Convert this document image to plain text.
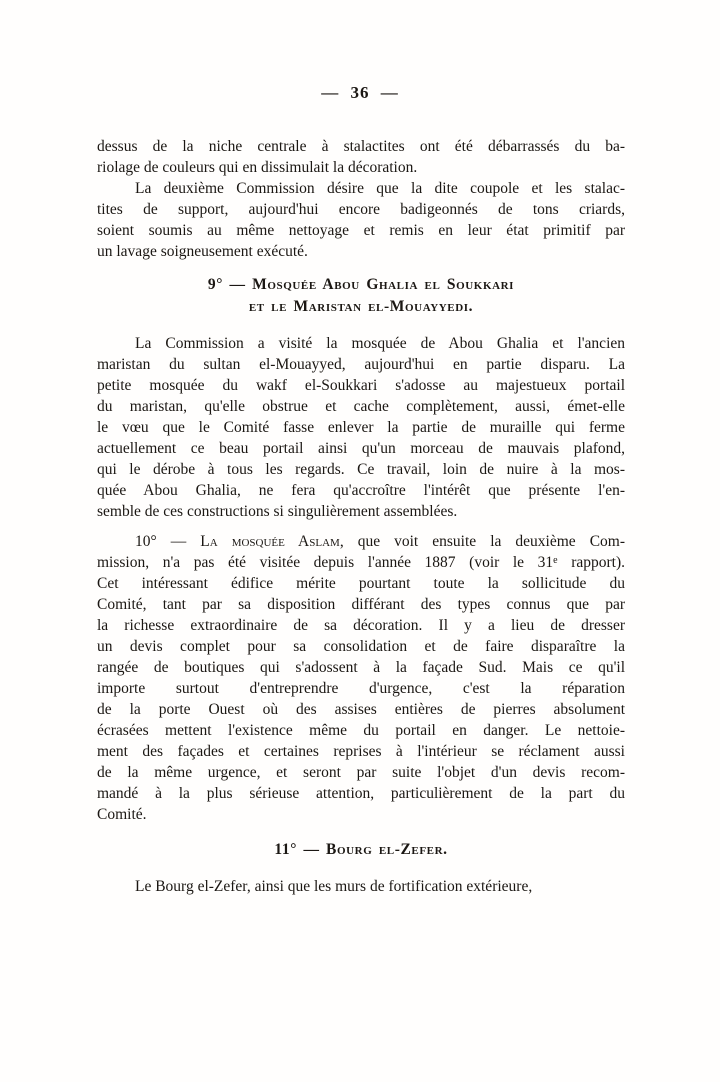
— 36 —

dessus de la niche centrale à stalactites ont été débarrassés du ba-
riolage de couleurs qui en dissimulait la décoration.

La deuxième Commission désire que la dite coupole et les stalac-
tites de support, aujourd'hui encore badigeonnés de tons criards,
soient soumis au même nettoyage et remis en leur état primitif par
un lavage soigneusement exécuté.

9° — Mosquée Abou Ghalia el Soukkari
et le Maristan el-Mouayyedi.

La Commission a visité la mosquée de Abou Ghalia et l'ancien
maristan du sultan el-Mouayyed, aujourd'hui en partie disparu. La
petite mosquée du wakf el-Soukkari s'adosse au majestueux portail
du maristan, qu'elle obstrue et cache complètement, aussi, émet-elle
le vœu que le Comité fasse enlever la partie de muraille qui ferme
actuellement ce beau portail ainsi qu'un morceau de mauvais plafond,
qui le dérobe à tous les regards. Ce travail, loin de nuire à la mos-
quée Abou Ghalia, ne fera qu'accroître l'intérêt que présente l'en-
semble de ces constructions si singulièrement assemblées.

10° — La mosquée Aslam, que voit ensuite la deuxième Com-
mission, n'a pas été visitée depuis l'année 1887 (voir le 31e rapport).
Cet intéressant édifice mérite pourtant toute la sollicitude du
Comité, tant par sa disposition différant des types connus que par
la richesse extraordinaire de sa décoration. Il y a lieu de dresser
un devis complet pour sa consolidation et de faire disparaître la
rangée de boutiques qui s'adossent à la façade Sud. Mais ce qu'il
importe surtout d'entreprendre d'urgence, c'est la réparation
de la porte Ouest où des assises entières de pierres absolument
écrasées mettent l'existence même du portail en danger. Le nettoie-
ment des façades et certaines reprises à l'intérieur se réclament aussi
de la même urgence, et seront par suite l'objet d'un devis recom-
mandé à la plus sérieuse attention, particulièrement de la part du
Comité.

11° — Bourg el-Zefer.

Le Bourg el-Zefer, ainsi que les murs de fortification extérieure,
